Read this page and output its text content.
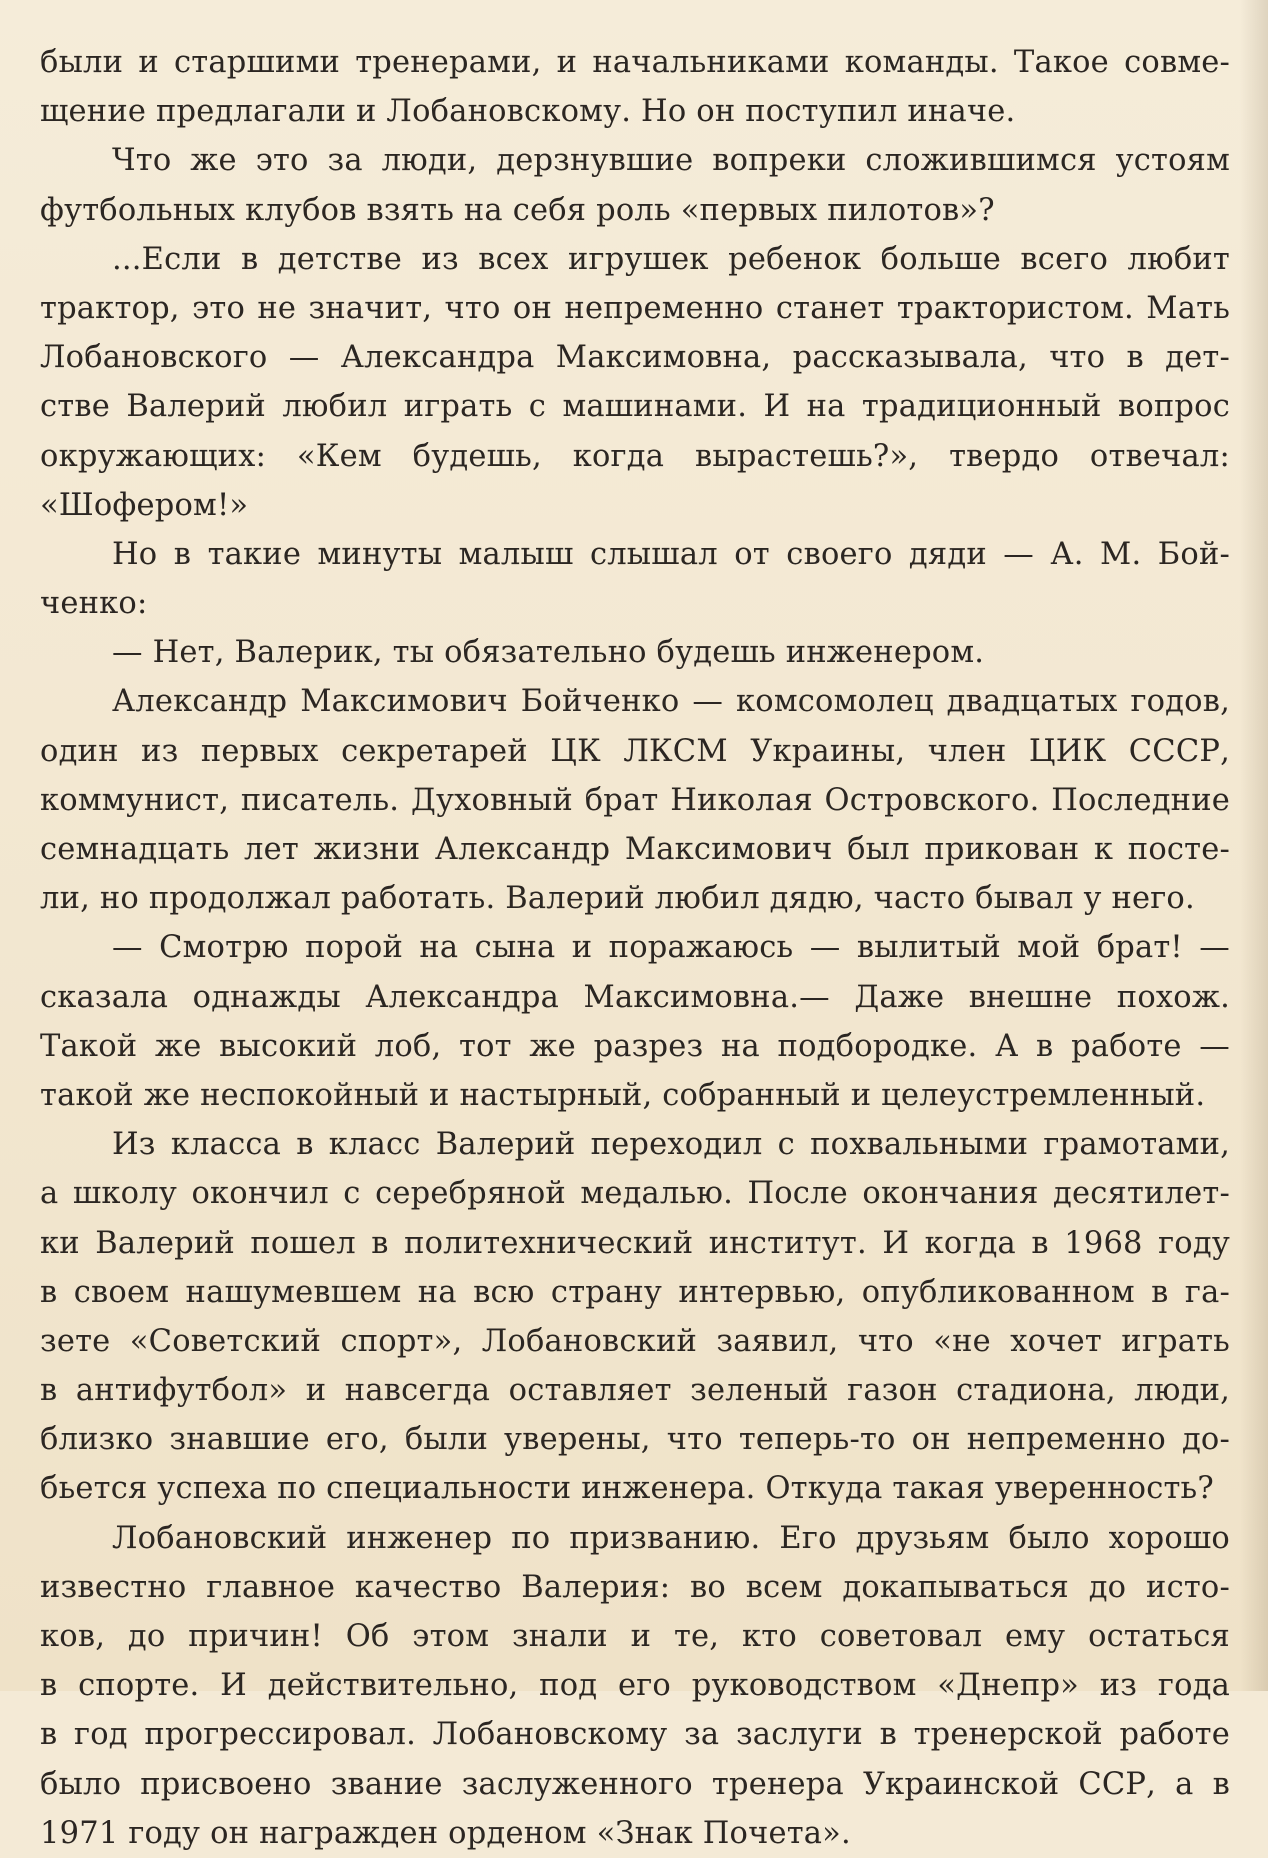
были и старшими тренерами, и начальниками команды. Такое совме-
щение предлагали и Лобановскому. Но он поступил иначе.
Что же это за люди, дерзнувшие вопреки сложившимся устоям
футбольных клубов взять на себя роль «первых пилотов»?
...Если в детстве из всех игрушек ребенок больше всего любит
трактор, это не значит, что он непременно станет трактористом. Мать
Лобановского — Александра Максимовна, рассказывала, что в дет-
стве Валерий любил играть с машинами. И на традиционный вопрос
окружающих: «Кем будешь, когда вырастешь?», твердо отвечал:
«Шофером!»
Но в такие минуты малыш слышал от своего дяди — А. М. Бой-
ченко:
— Нет, Валерик, ты обязательно будешь инженером.
Александр Максимович Бойченко — комсомолец двадцатых годов,
один из первых секретарей ЦК ЛКСМ Украины, член ЦИК СССР,
коммунист, писатель. Духовный брат Николая Островского. Последние
семнадцать лет жизни Александр Максимович был прикован к посте-
ли, но продолжал работать. Валерий любил дядю, часто бывал у него.
— Смотрю порой на сына и поражаюсь — вылитый мой брат! —
сказала однажды Александра Максимовна.— Даже внешне похож.
Такой же высокий лоб, тот же разрез на подбородке. А в работе —
такой же неспокойный и настырный, собранный и целеустремленный.
Из класса в класс Валерий переходил с похвальными грамотами,
а школу окончил с серебряной медалью. После окончания десятилет-
ки Валерий пошел в политехнический институт. И когда в 1968 году
в своем нашумевшем на всю страну интервью, опубликованном в га-
зете «Советский спорт», Лобановский заявил, что «не хочет играть
в антифутбол» и навсегда оставляет зеленый газон стадиона, люди,
близко знавшие его, были уверены, что теперь-то он непременно до-
бьется успеха по специальности инженера. Откуда такая уверенность?
Лобановский инженер по призванию. Его друзьям было хорошо
известно главное качество Валерия: во всем докапываться до исто-
ков, до причин! Об этом знали и те, кто советовал ему остаться
в спорте. И действительно, под его руководством «Днепр» из года
в год прогрессировал. Лобановскому за заслуги в тренерской работе
было присвоено звание заслуженного тренера Украинской ССР, а в
1971 году он награжден орденом «Знак Почета».
